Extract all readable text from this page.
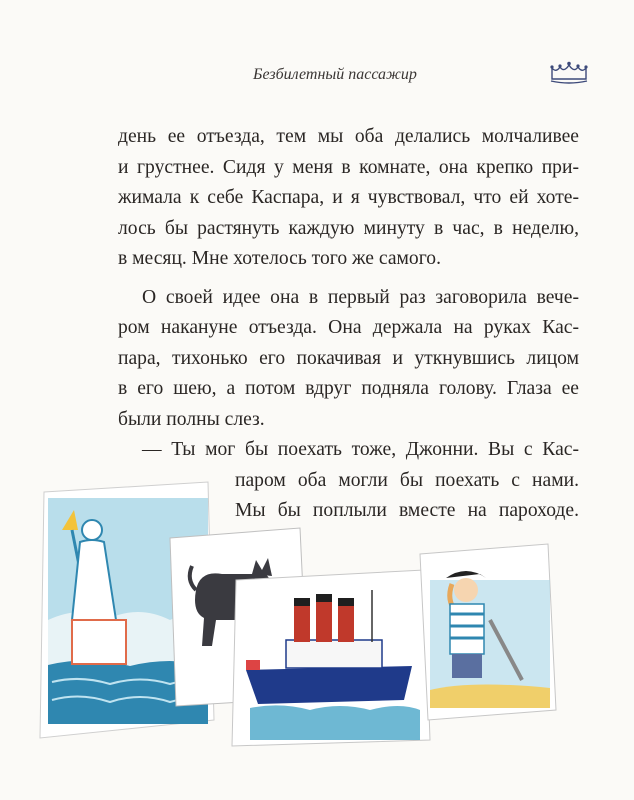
Безбилетный пассажир
день ее отъезда, тем мы оба делались молчаливее
и грустнее. Сидя у меня в комнате, она крепко при-
жимала к себе Каспара, и я чувствовал, что ей хоте-
лось бы растянуть каждую минуту в час, в неделю,
в месяц. Мне хотелось того же самого.
О своей идее она в первый раз заговорила вече-
ром накануне отъезда. Она держала на руках Кас-
пара, тихонько его покачивая и уткнувшись лицом
в его шею, а потом вдруг подняла голову. Глаза ее
были полны слез.
— Ты мог бы поехать тоже, Джонни. Вы с Кас-
паром оба могли бы поехать с нами.
Мы бы поплыли вместе на пароходе.
